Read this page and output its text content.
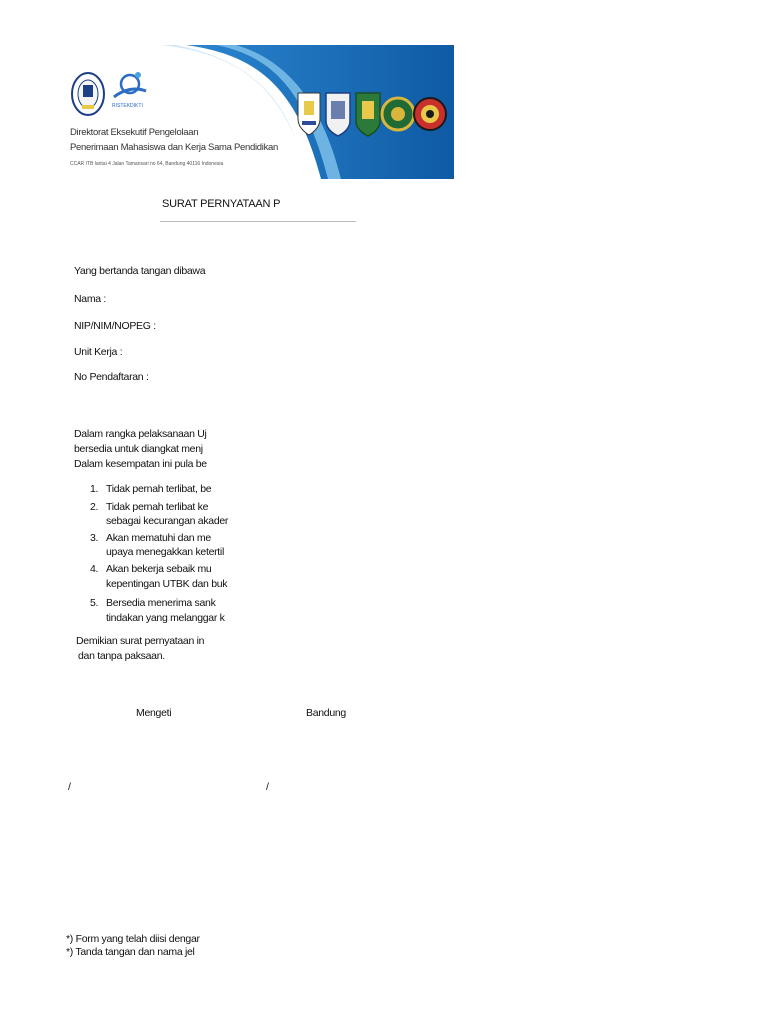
RISTEKDIKTI
Direktorat Eksekutif Pengelolaan
Penerimaan Mahasiswa dan Kerja Sama Pendidikan
CCAR ITB lantai 4 Jalan Tamansari no 64, Bandung 40116 Indonesia
SURAT PERNYATAAN P
Yang bertanda tangan dibawa
Nama :
NIP/NIM/NOPEG :
Unit Kerja :
No Pendaftaran :
Dalam rangka pelaksanaan Uj
bersedia untuk diangkat menj
Dalam kesempatan ini pula be
1. Tidak pernah terlibat, be
2. Tidak pernah terlibat ke
sebagai kecurangan akader
3. Akan mematuhi dan me
upaya menegakkan ketertil
4. Akan bekerja sebaik mu
kepentingan UTBK dan buk
5. Bersedia menerima sank
tindakan yang melanggar k
Demikian surat pernyataan in
dan tanpa paksaan.
Mengeti	Bandung
/	/
*) Form yang telah diisi dengar
*) Tanda tangan dan nama jel
